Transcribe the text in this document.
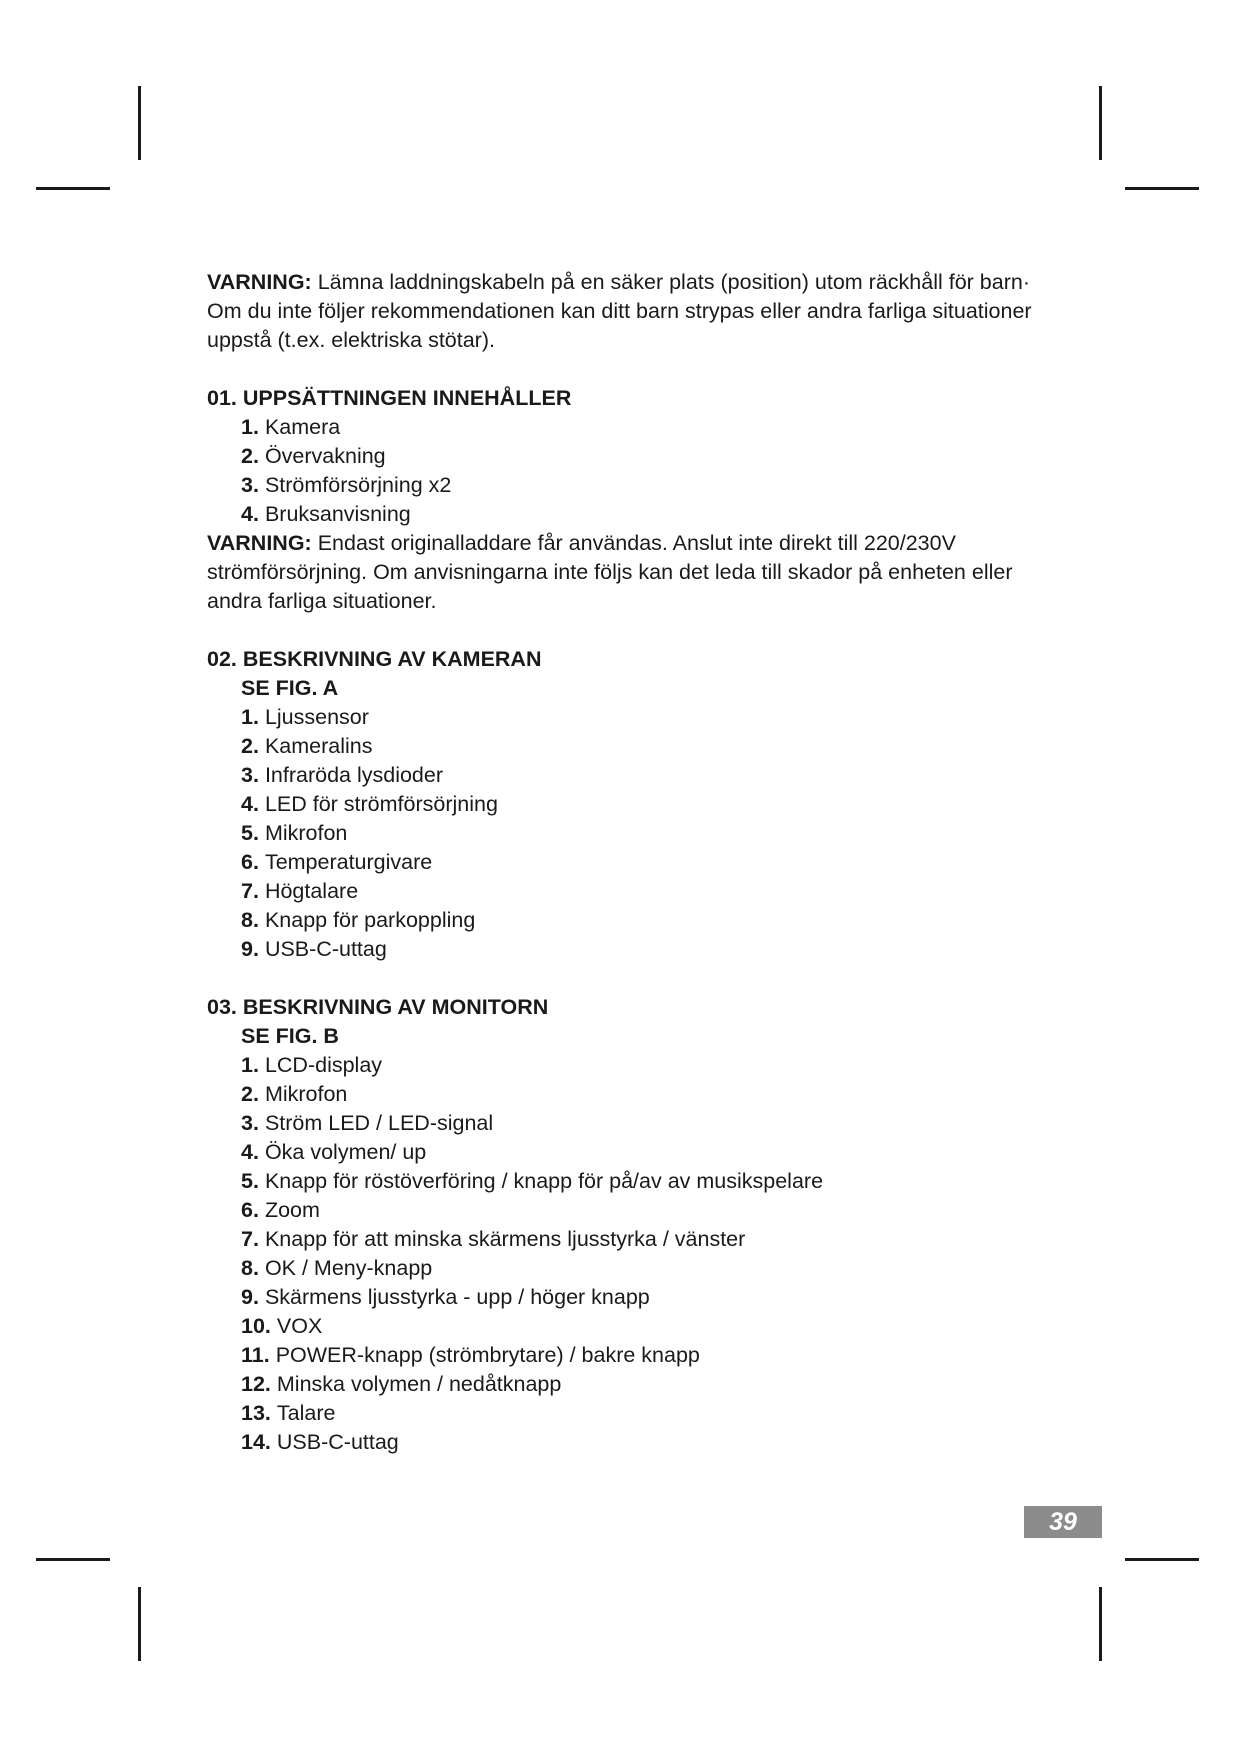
VARNING: Lämna laddningskabeln på en säker plats (position) utom räckhåll för barn· Om du inte följer rekommendationen kan ditt barn strypas eller andra farliga situationer uppstå (t.ex. elektriska stötar).

01. UPPSÄTTNINGEN INNEHÅLLER
1. Kamera
2. Övervakning
3. Strömförsörjning x2
4. Bruksanvisning

VARNING: Endast originalladdare får användas. Anslut inte direkt till 220/230V strömförsörjning. Om anvisningarna inte följs kan det leda till skador på enheten eller andra farliga situationer.

02. BESKRIVNING AV KAMERAN
SE FIG. A
1. Ljussensor
2. Kameralins
3. Infraröda lysdioder
4. LED för strömförsörjning
5. Mikrofon
6. Temperaturgivare
7. Högtalare
8. Knapp för parkoppling
9. USB-C-uttag
03. BESKRIVNING AV MONITORN
SE FIG. B
1. LCD-display
2. Mikrofon
3. Ström LED / LED-signal
4. Öka volymen/ up
5. Knapp för röstöverföring / knapp för på/av av musikspelare
6. Zoom
7. Knapp för att minska skärmens ljusstyrka / vänster
8. OK / Meny-knapp
9. Skärmens ljusstyrka - upp / höger knapp
10. VOX
11. POWER-knapp (strömbrytare) / bakre knapp
12. Minska volymen / nedåtknapp
13. Talare
14. USB-C-uttag
39
